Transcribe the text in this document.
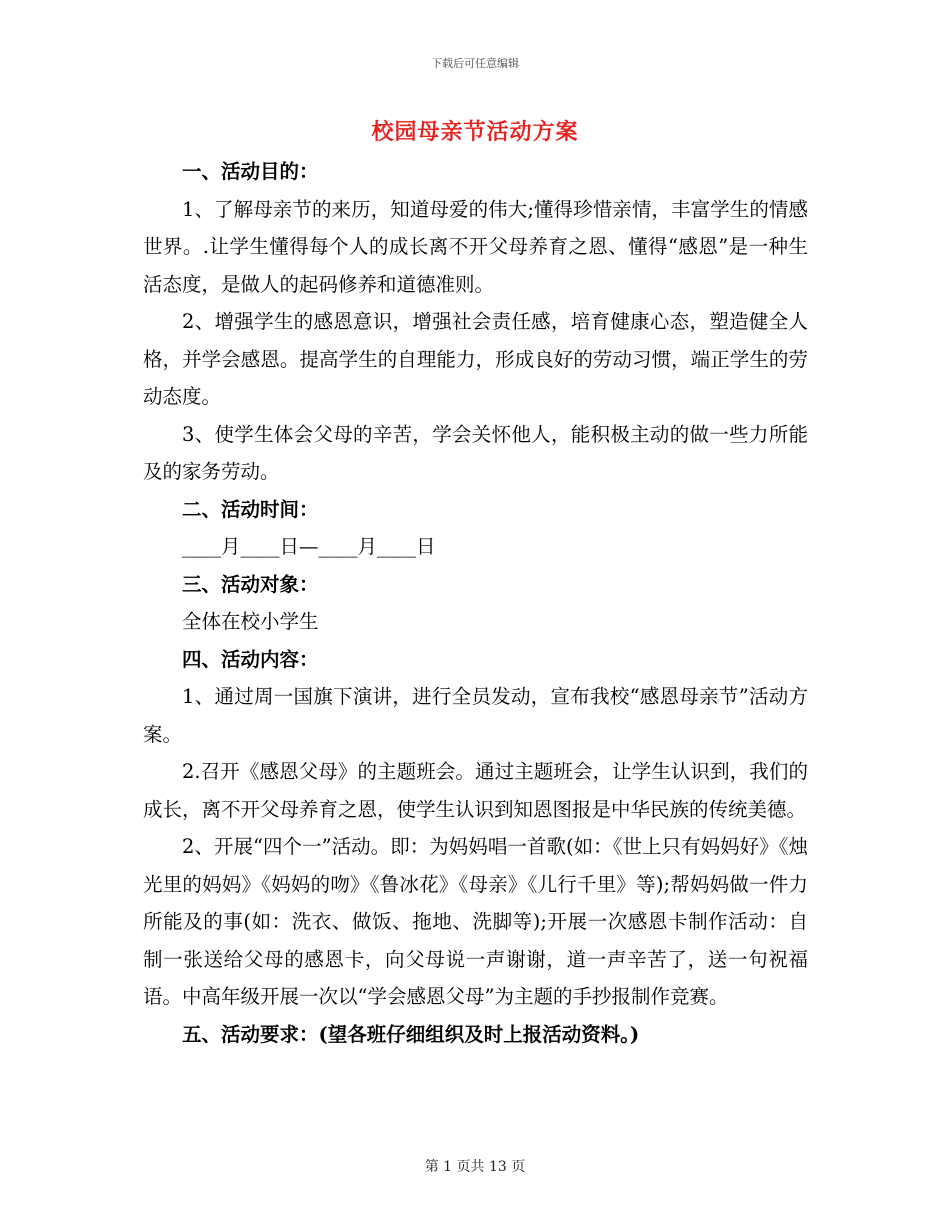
下载后可任意编辑
校园母亲节活动方案

一、活动目的：

1、了解母亲节的来历，知道母爱的伟大;懂得珍惜亲情，丰富学生的情感世界。.让学生懂得每个人的成长离不开父母养育之恩、懂得“感恩”是一种生活态度，是做人的起码修养和道德准则。

2、增强学生的感恩意识，增强社会责任感，培育健康心态，塑造健全人格，并学会感恩。提高学生的自理能力，形成良好的劳动习惯，端正学生的劳动态度。

3、使学生体会父母的辛苦，学会关怀他人，能积极主动的做一些力所能及的家务劳动。

二、活动时间：

____月____日—____月____日

三、活动对象：

全体在校小学生

四、活动内容：

1、通过周一国旗下演讲，进行全员发动，宣布我校“感恩母亲节”活动方案。

2.召开《感恩父母》的主题班会。通过主题班会，让学生认识到，我们的成长，离不开父母养育之恩，使学生认识到知恩图报是中华民族的传统美德。

2、开展“四个一”活动。即：为妈妈唱一首歌(如：《世上只有妈妈好》《烛光里的妈妈》《妈妈的吻》《鲁冰花》《母亲》《儿行千里》等);帮妈妈做一件力所能及的事(如：洗衣、做饭、拖地、洗脚等);开展一次感恩卡制作活动：自制一张送给父母的感恩卡，向父母说一声谢谢，道一声辛苦了，送一句祝福语。中高年级开展一次以“学会感恩父母”为主题的手抄报制作竞赛。

五、活动要求：(望各班仔细组织及时上报活动资料。)

第 1 页共 13 页
